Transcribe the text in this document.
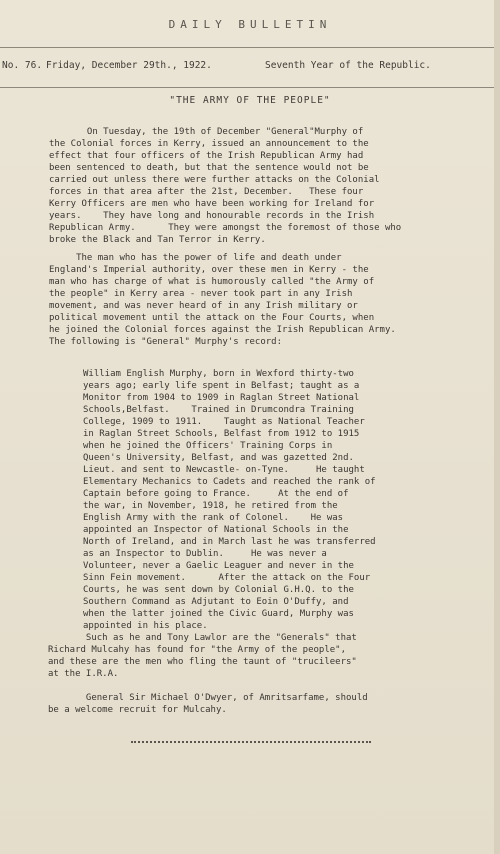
DAILY BULLETIN
No. 76. Friday, December 29th., 1922.	Seventh Year of the Republic.
"THE ARMY OF THE PEOPLE"

On Tuesday, the 19th of December "General"Murphy of
the Colonial forces in Kerry, issued an announcement to the
effect that four officers of the Irish Republican Army had
been sentenced to death, but that the sentence would not be
carried out unless there were further attacks on the Colonial
forces in that area after the 21st, December.   These four
Kerry Officers are men who have been working for Ireland for
years.    They have long and honourable records in the Irish
Republican Army.      They were amongst the foremost of those who
broke the Black and Tan Terror in Kerry.

The man who has the power of life and death under
England's Imperial authority, over these men in Kerry - the
man who has charge of what is humorously called "the Army of
the people" in Kerry area - never took part in any Irish
movement, and was never heard of in any Irish military or
political movement until the attack on the Four Courts, when
he joined the Colonial forces against the Irish Republican Army.
The following is "General" Murphy's record:

William English Murphy, born in Wexford thirty-two
years ago; early life spent in Belfast; taught as a
Monitor from 1904 to 1909 in Raglan Street National
Schools,Belfast.    Trained in Drumcondra Training
College, 1909 to 1911.    Taught as National Teacher
in Raglan Street Schools, Belfast from 1912 to 1915
when he joined the Officers' Training Corps in
Queen's University, Belfast, and was gazetted 2nd.
Lieut. and sent to Newcastle- on-Tyne.     He taught
Elementary Mechanics to Cadets and reached the rank of
Captain before going to France.     At the end of
the war, in November, 1918, he retired from the
English Army with the rank of Colonel.    He was
appointed an Inspector of National Schools in the
North of Ireland, and in March last he was transferred
as an Inspector to Dublin.     He was never a
Volunteer, never a Gaelic Leaguer and never in the
Sinn Fein movement.      After the attack on the Four
Courts, he was sent down by Colonial G.H.Q. to the
Southern Command as Adjutant to Eoin O'Duffy, and
when the latter joined the Civic Guard, Murphy was
appointed in his place.

Such as he and Tony Lawlor are the "Generals" that
Richard Mulcahy has found for "the Army of the people",
and these are the men who fling the taunt of "trucileers"
at the I.R.A.

General Sir Michael O'Dwyer, of Amritsarfame, should
be a welcome recruit for Mulcahy.
